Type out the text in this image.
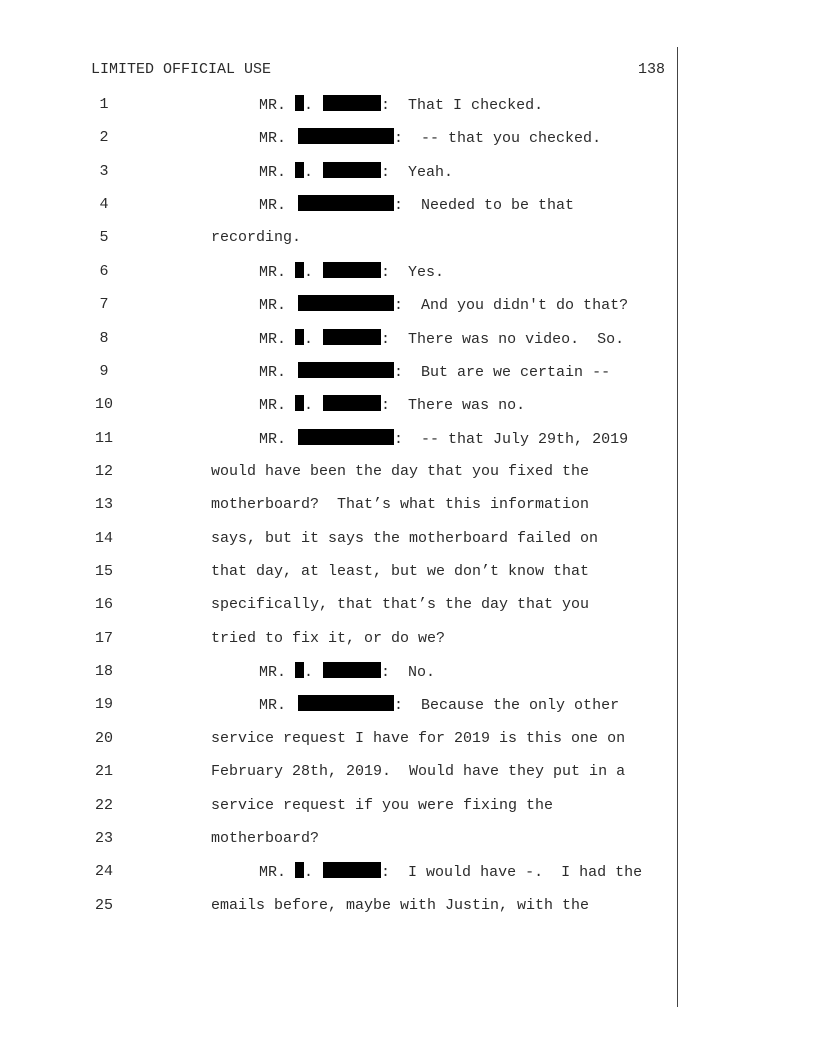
LIMITED OFFICIAL USE	138
1	MR. .	:  That I checked.
2	MR.	:  -- that you checked.
3	MR. .	:  Yeah.
4	MR.	:  Needed to be that
5	recording.
6	MR. .	:  Yes.
7	MR.	:  And you didn't do that?
8	MR. .	:  There was no video.  So.
9	MR.	:  But are we certain --
10	MR. .	:  There was no.
11	MR.	:  -- that July 29th, 2019
12	would have been the day that you fixed the
13	motherboard?  That’s what this information
14	says, but it says the motherboard failed on
15	that day, at least, but we don’t know that
16	specifically, that that’s the day that you
17	tried to fix it, or do we?
18	MR. .	:  No.
19	MR.	:  Because the only other
20	service request I have for 2019 is this one on
21	February 28th, 2019.  Would have they put in a
22	service request if you were fixing the
23	motherboard?
24	MR. .	:  I would have -.  I had the
25	emails before, maybe with Justin, with the
